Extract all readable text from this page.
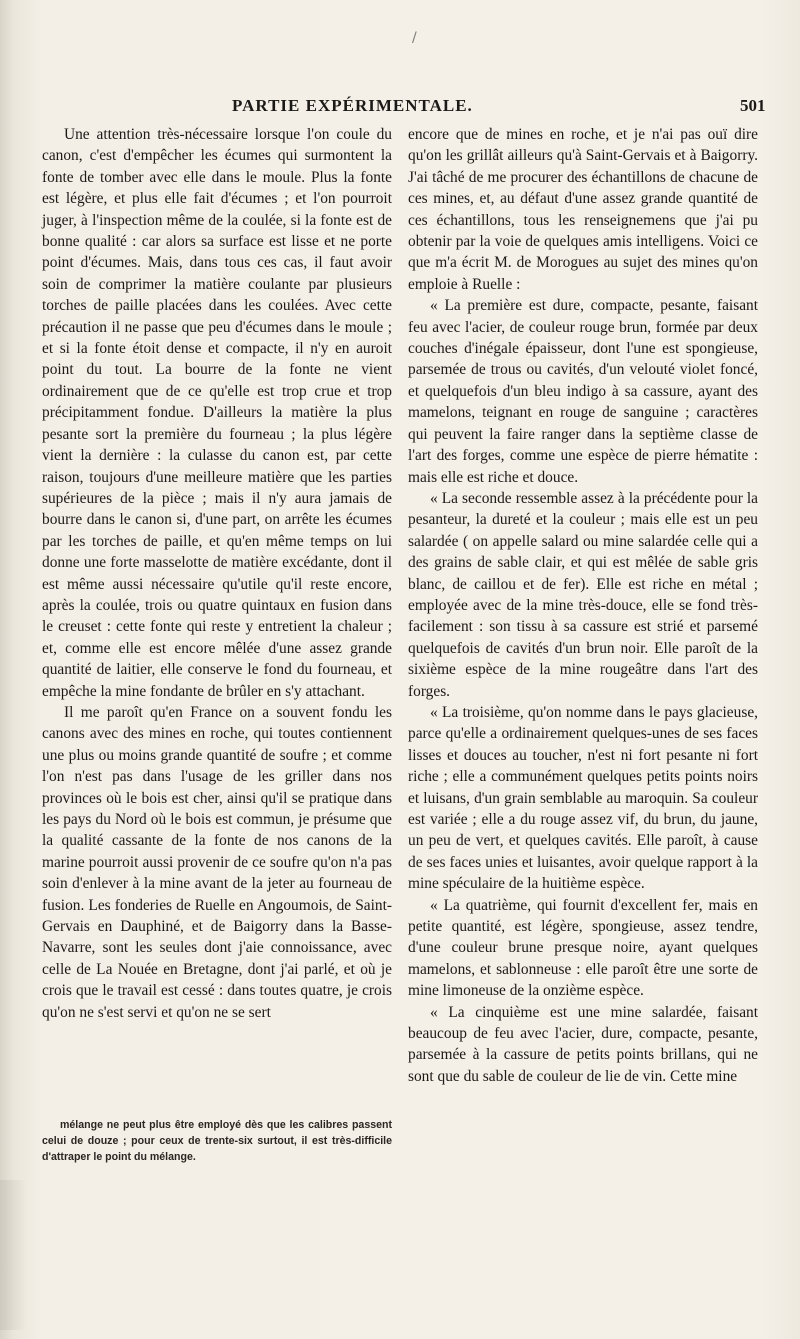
/
PARTIE EXPÉRIMENTALE.	501

Une attention très-nécessaire lorsque l'on coule du canon, c'est d'empêcher les écumes qui surmontent la fonte de tomber avec elle dans le moule. Plus la fonte est légère, et plus elle fait d'écumes ; et l'on pourroit juger, à l'inspection même de la coulée, si la fonte est de bonne qualité : car alors sa surface est lisse et ne porte point d'écumes. Mais, dans tous ces cas, il faut avoir soin de comprimer la matière coulante par plusieurs torches de paille placées dans les coulées. Avec cette précaution il ne passe que peu d'écumes dans le moule ; et si la fonte étoit dense et compacte, il n'y en auroit point du tout. La bourre de la fonte ne vient ordinairement que de ce qu'elle est trop crue et trop précipitamment fondue. D'ailleurs la matière la plus pesante sort la première du fourneau ; la plus légère vient la dernière : la culasse du canon est, par cette raison, toujours d'une meilleure matière que les parties supérieures de la pièce ; mais il n'y aura jamais de bourre dans le canon si, d'une part, on arrête les écumes par les torches de paille, et qu'en même temps on lui donne une forte masselotte de matière excédante, dont il est même aussi nécessaire qu'utile qu'il reste encore, après la coulée, trois ou quatre quintaux en fusion dans le creuset : cette fonte qui reste y entretient la chaleur ; et, comme elle est encore mêlée d'une assez grande quantité de laitier, elle conserve le fond du fourneau, et empêche la mine fondante de brûler en s'y attachant.

Il me paroît qu'en France on a souvent fondu les canons avec des mines en roche, qui toutes contiennent une plus ou moins grande quantité de soufre ; et comme l'on n'est pas dans l'usage de les griller dans nos provinces où le bois est cher, ainsi qu'il se pratique dans les pays du Nord où le bois est commun, je présume que la qualité cassante de la fonte de nos canons de la marine pourroit aussi provenir de ce soufre qu'on n'a pas soin d'enlever à la mine avant de la jeter au fourneau de fusion. Les fonderies de Ruelle en Angoumois, de Saint-Gervais en Dauphiné, et de Baigorry dans la Basse-Navarre, sont les seules dont j'aie connoissance, avec celle de La Nouée en Bretagne, dont j'ai parlé, et où je crois que le travail est cessé : dans toutes quatre, je crois qu'on ne s'est servi et qu'on ne se sert

mélange ne peut plus être employé dès que les calibres passent celui de douze ; pour ceux de trente-six surtout, il est très-difficile d'attraper le point du mélange.

encore que de mines en roche, et je n'ai pas ouï dire qu'on les grillât ailleurs qu'à Saint-Gervais et à Baigorry. J'ai tâché de me procurer des échantillons de chacune de ces mines, et, au défaut d'une assez grande quantité de ces échantillons, tous les renseignemens que j'ai pu obtenir par la voie de quelques amis intelligens. Voici ce que m'a écrit M. de Morogues au sujet des mines qu'on emploie à Ruelle :

« La première est dure, compacte, pesante, faisant feu avec l'acier, de couleur rouge brun, formée par deux couches d'inégale épaisseur, dont l'une est spongieuse, parsemée de trous ou cavités, d'un velouté violet foncé, et quelquefois d'un bleu indigo à sa cassure, ayant des mamelons, teignant en rouge de sanguine ; caractères qui peuvent la faire ranger dans la septième classe de l'art des forges, comme une espèce de pierre hématite : mais elle est riche et douce.

« La seconde ressemble assez à la précédente pour la pesanteur, la dureté et la couleur ; mais elle est un peu salardée ( on appelle salard ou mine salardée celle qui a des grains de sable clair, et qui est mêlée de sable gris blanc, de caillou et de fer). Elle est riche en métal ; employée avec de la mine très-douce, elle se fond très-facilement : son tissu à sa cassure est strié et parsemé quelquefois de cavités d'un brun noir. Elle paroît de la sixième espèce de la mine rougeâtre dans l'art des forges.

« La troisième, qu'on nomme dans le pays glacieuse, parce qu'elle a ordinairement quelques-unes de ses faces lisses et douces au toucher, n'est ni fort pesante ni fort riche ; elle a communément quelques petits points noirs et luisans, d'un grain semblable au maroquin. Sa couleur est variée ; elle a du rouge assez vif, du brun, du jaune, un peu de vert, et quelques cavités. Elle paroît, à cause de ses faces unies et luisantes, avoir quelque rapport à la mine spéculaire de la huitième espèce.

« La quatrième, qui fournit d'excellent fer, mais en petite quantité, est légère, spongieuse, assez tendre, d'une couleur brune presque noire, ayant quelques mamelons, et sablonneuse : elle paroît être une sorte de mine limoneuse de la onzième espèce.

« La cinquième est une mine salardée, faisant beaucoup de feu avec l'acier, dure, compacte, pesante, parsemée à la cassure de petits points brillans, qui ne sont que du sable de couleur de lie de vin. Cette mine
